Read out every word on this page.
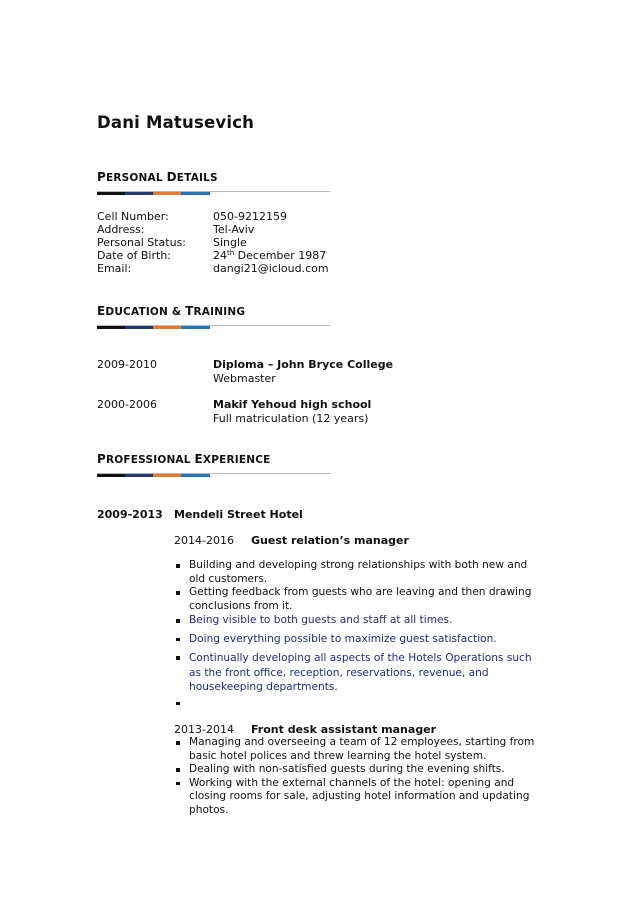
Dani Matusevich
PERSONAL DETAILS
Cell Number:	050-9212159
Address:	Tel-Aviv
Personal Status: Single
Date of Birth:	24th December 1987
Email:	dangi21@icloud.com
EDUCATION & TRAINING
2009-2010	Diploma – John Bryce College
Webmaster
2000-2006	Makif Yehoud high school
Full matriculation (12 years)
PROFESSIONAL EXPERIENCE
2009-2013 Mendeli Street Hotel
2014-2016 Guest relation’s manager
Building and developing strong relationships with both new and
old customers.
Getting feedback from guests who are leaving and then drawing
conclusions from it.
Being visible to both guests and staff at all times.
Doing everything possible to maximize guest satisfaction.
Continually developing all aspects of the Hotels Operations such
as the front office, reception, reservations, revenue, and
housekeeping departments.
2013-2014 Front desk assistant manager
Managing and overseeing a team of 12 employees, starting from
basic hotel polices and threw learning the hotel system.
Dealing with non-satisfied guests during the evening shifts.
Working with the external channels of the hotel: opening and
closing rooms for sale, adjusting hotel information and updating
photos.
